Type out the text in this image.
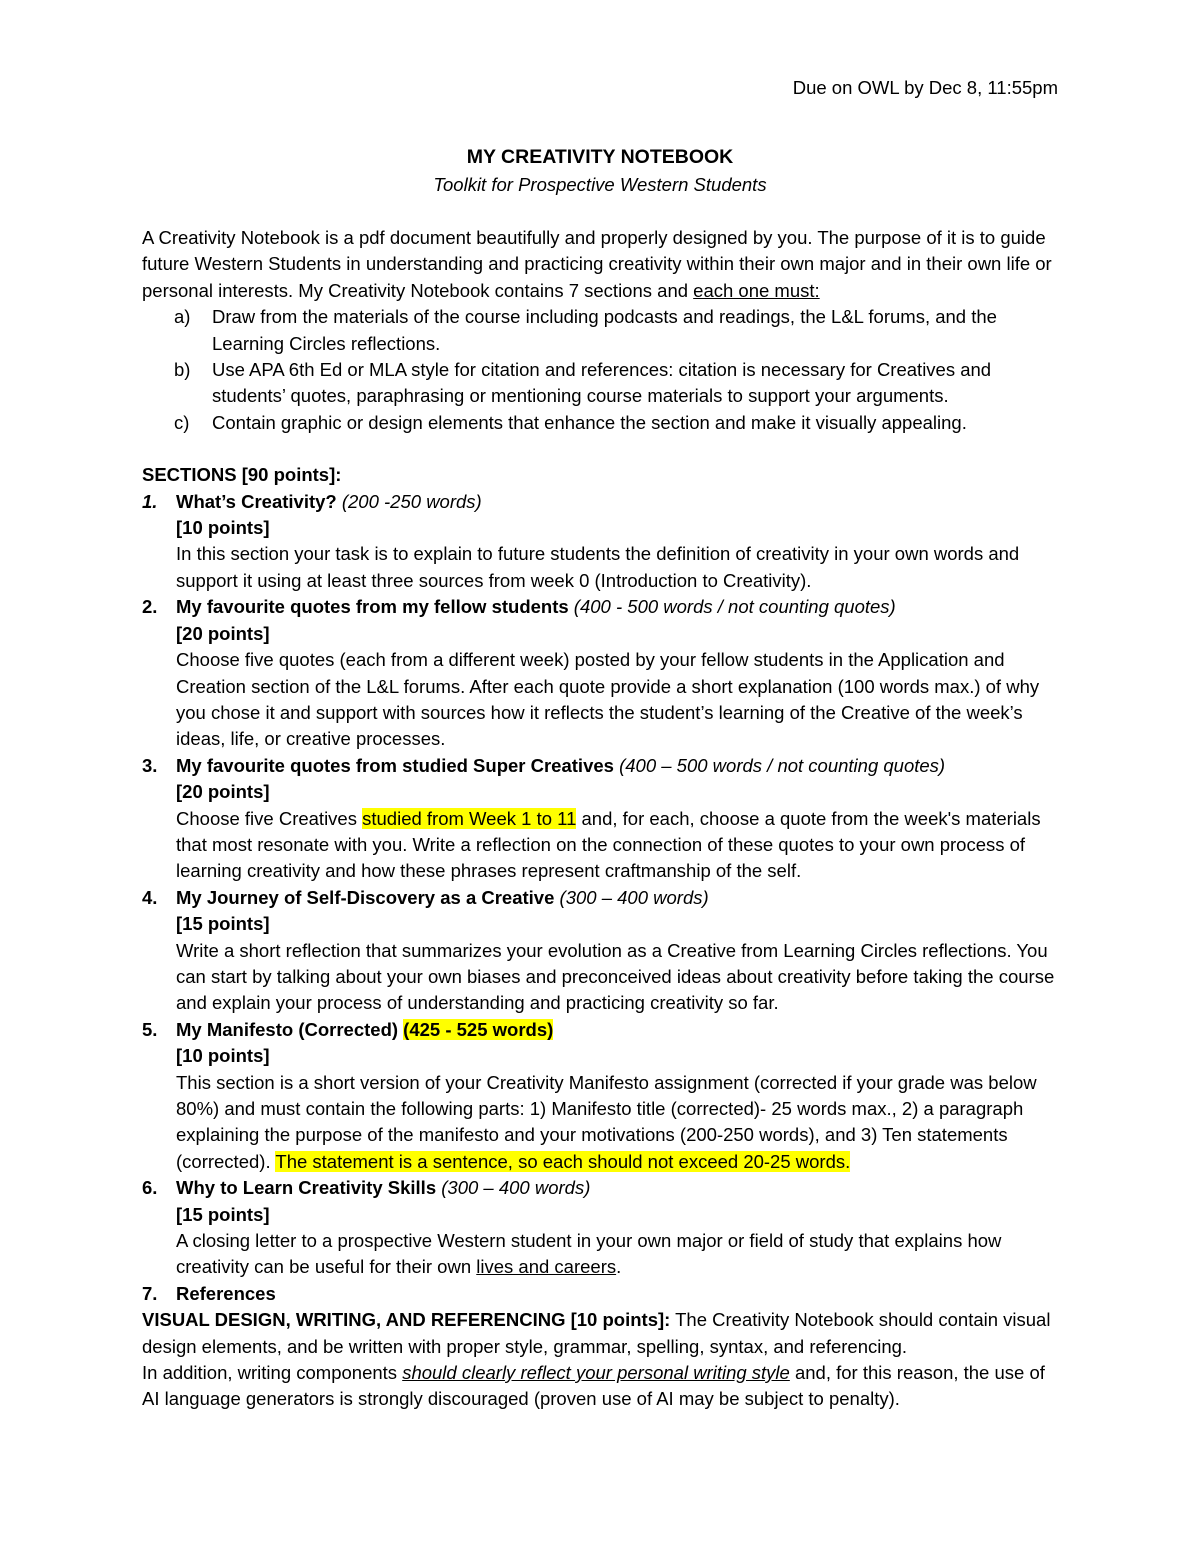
Due on OWL by Dec 8, 11:55pm
MY CREATIVITY NOTEBOOK
Toolkit for Prospective Western Students

A Creativity Notebook is a pdf document beautifully and properly designed by you. The purpose of it is to guide future Western Students in understanding and practicing creativity within their own major and in their own life or personal interests. My Creativity Notebook contains 7 sections and each one must:

a) Draw from the materials of the course including podcasts and readings, the L&L forums, and the Learning Circles reflections.
b) Use APA 6th Ed or MLA style for citation and references: citation is necessary for Creatives and students’ quotes, paraphrasing or mentioning course materials to support your arguments.
c) Contain graphic or design elements that enhance the section and make it visually appealing.
SECTIONS [90 points]:
1. What’s Creativity? (200 -250 words)
[10 points]
In this section your task is to explain to future students the definition of creativity in your own words and support it using at least three sources from week 0 (Introduction to Creativity).
2. My favourite quotes from my fellow students (400 - 500 words / not counting quotes)
[20 points]
Choose five quotes (each from a different week) posted by your fellow students in the Application and Creation section of the L&L forums. After each quote provide a short explanation (100 words max.) of why you chose it and support with sources how it reflects the student’s learning of the Creative of the week’s ideas, life, or creative processes.
3. My favourite quotes from studied Super Creatives (400 – 500 words / not counting quotes)
[20 points]
Choose five Creatives studied from Week 1 to 11 and, for each, choose a quote from the week's materials that most resonate with you. Write a reflection on the connection of these quotes to your own process of learning creativity and how these phrases represent craftmanship of the self.
4. My Journey of Self-Discovery as a Creative (300 – 400 words)
[15 points]
Write a short reflection that summarizes your evolution as a Creative from Learning Circles reflections. You can start by talking about your own biases and preconceived ideas about creativity before taking the course and explain your process of understanding and practicing creativity so far.
5. My Manifesto (Corrected) (425 - 525 words)
[10 points]
This section is a short version of your Creativity Manifesto assignment (corrected if your grade was below 80%) and must contain the following parts: 1) Manifesto title (corrected)- 25 words max., 2) a paragraph explaining the purpose of the manifesto and your motivations (200-250 words), and 3) Ten statements (corrected). The statement is a sentence, so each should not exceed 20-25 words.
6. Why to Learn Creativity Skills (300 – 400 words)
[15 points]
A closing letter to a prospective Western student in your own major or field of study that explains how creativity can be useful for their own lives and careers.
7. References
VISUAL DESIGN, WRITING, AND REFERENCING [10 points]: The Creativity Notebook should contain visual design elements, and be written with proper style, grammar, spelling, syntax, and referencing.
In addition, writing components should clearly reflect your personal writing style and, for this reason, the use of AI language generators is strongly discouraged (proven use of AI may be subject to penalty).
